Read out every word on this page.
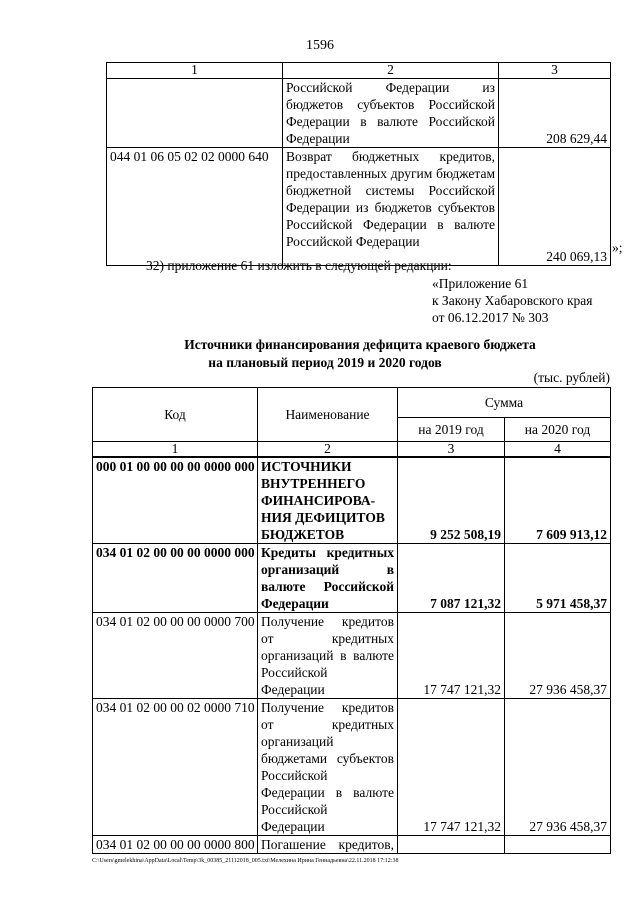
1596
1	2	3
	Российской Федерации из бюджетов субъектов Российской Федерации в валюте Российской Федерации	208 629,44
044 01 06 05 02 02 0000 640	Возврат бюджетных кредитов, предоставленных другим бюджетам бюджетной системы Российской Федерации из бюджетов субъектов Российской Федерации в валюте Российской Федерации	240 069,13
»;
32) приложение 61 изложить в следующей редакции:
«Приложение 61
к Закону Хабаровского края
от 06.12.2017 № 303
Источники финансирования дефицита краевого бюджета
на плановый период 2019 и 2020 годов
(тыс. рублей)
Код	Наименование	Сумма	
		на 2019 год	на 2020 год
1	2	3	4
000 01 00 00 00 00 0000 000	ИСТОЧНИКИ ВНУТРЕННЕГО ФИНАНСИРОВА-НИЯ ДЕФИЦИТОВ БЮДЖЕТОВ	9 252 508,19	7 609 913,12
034 01 02 00 00 00 0000 000	Кредиты кредитных организаций в валюте Российской Федерации	7 087 121,32	5 971 458,37
034 01 02 00 00 00 0000 700	Получение кредитов от кредитных организаций в валюте Российской Федерации	17 747 121,32	27 936 458,37
034 01 02 00 00 02 0000 710	Получение кредитов от кредитных организаций бюджетами субъектов Российской Федерации в валюте Российской Федерации	17 747 121,32	27 936 458,37
034 01 02 00 00 00 0000 800	Погашение кредитов,		
C:\Users\gmelekhina\AppData\Local\Temp\3k_00385_21112018_005.txt\Мелехина Ирина Геннадьевна\22.11.2018 17:12:38
